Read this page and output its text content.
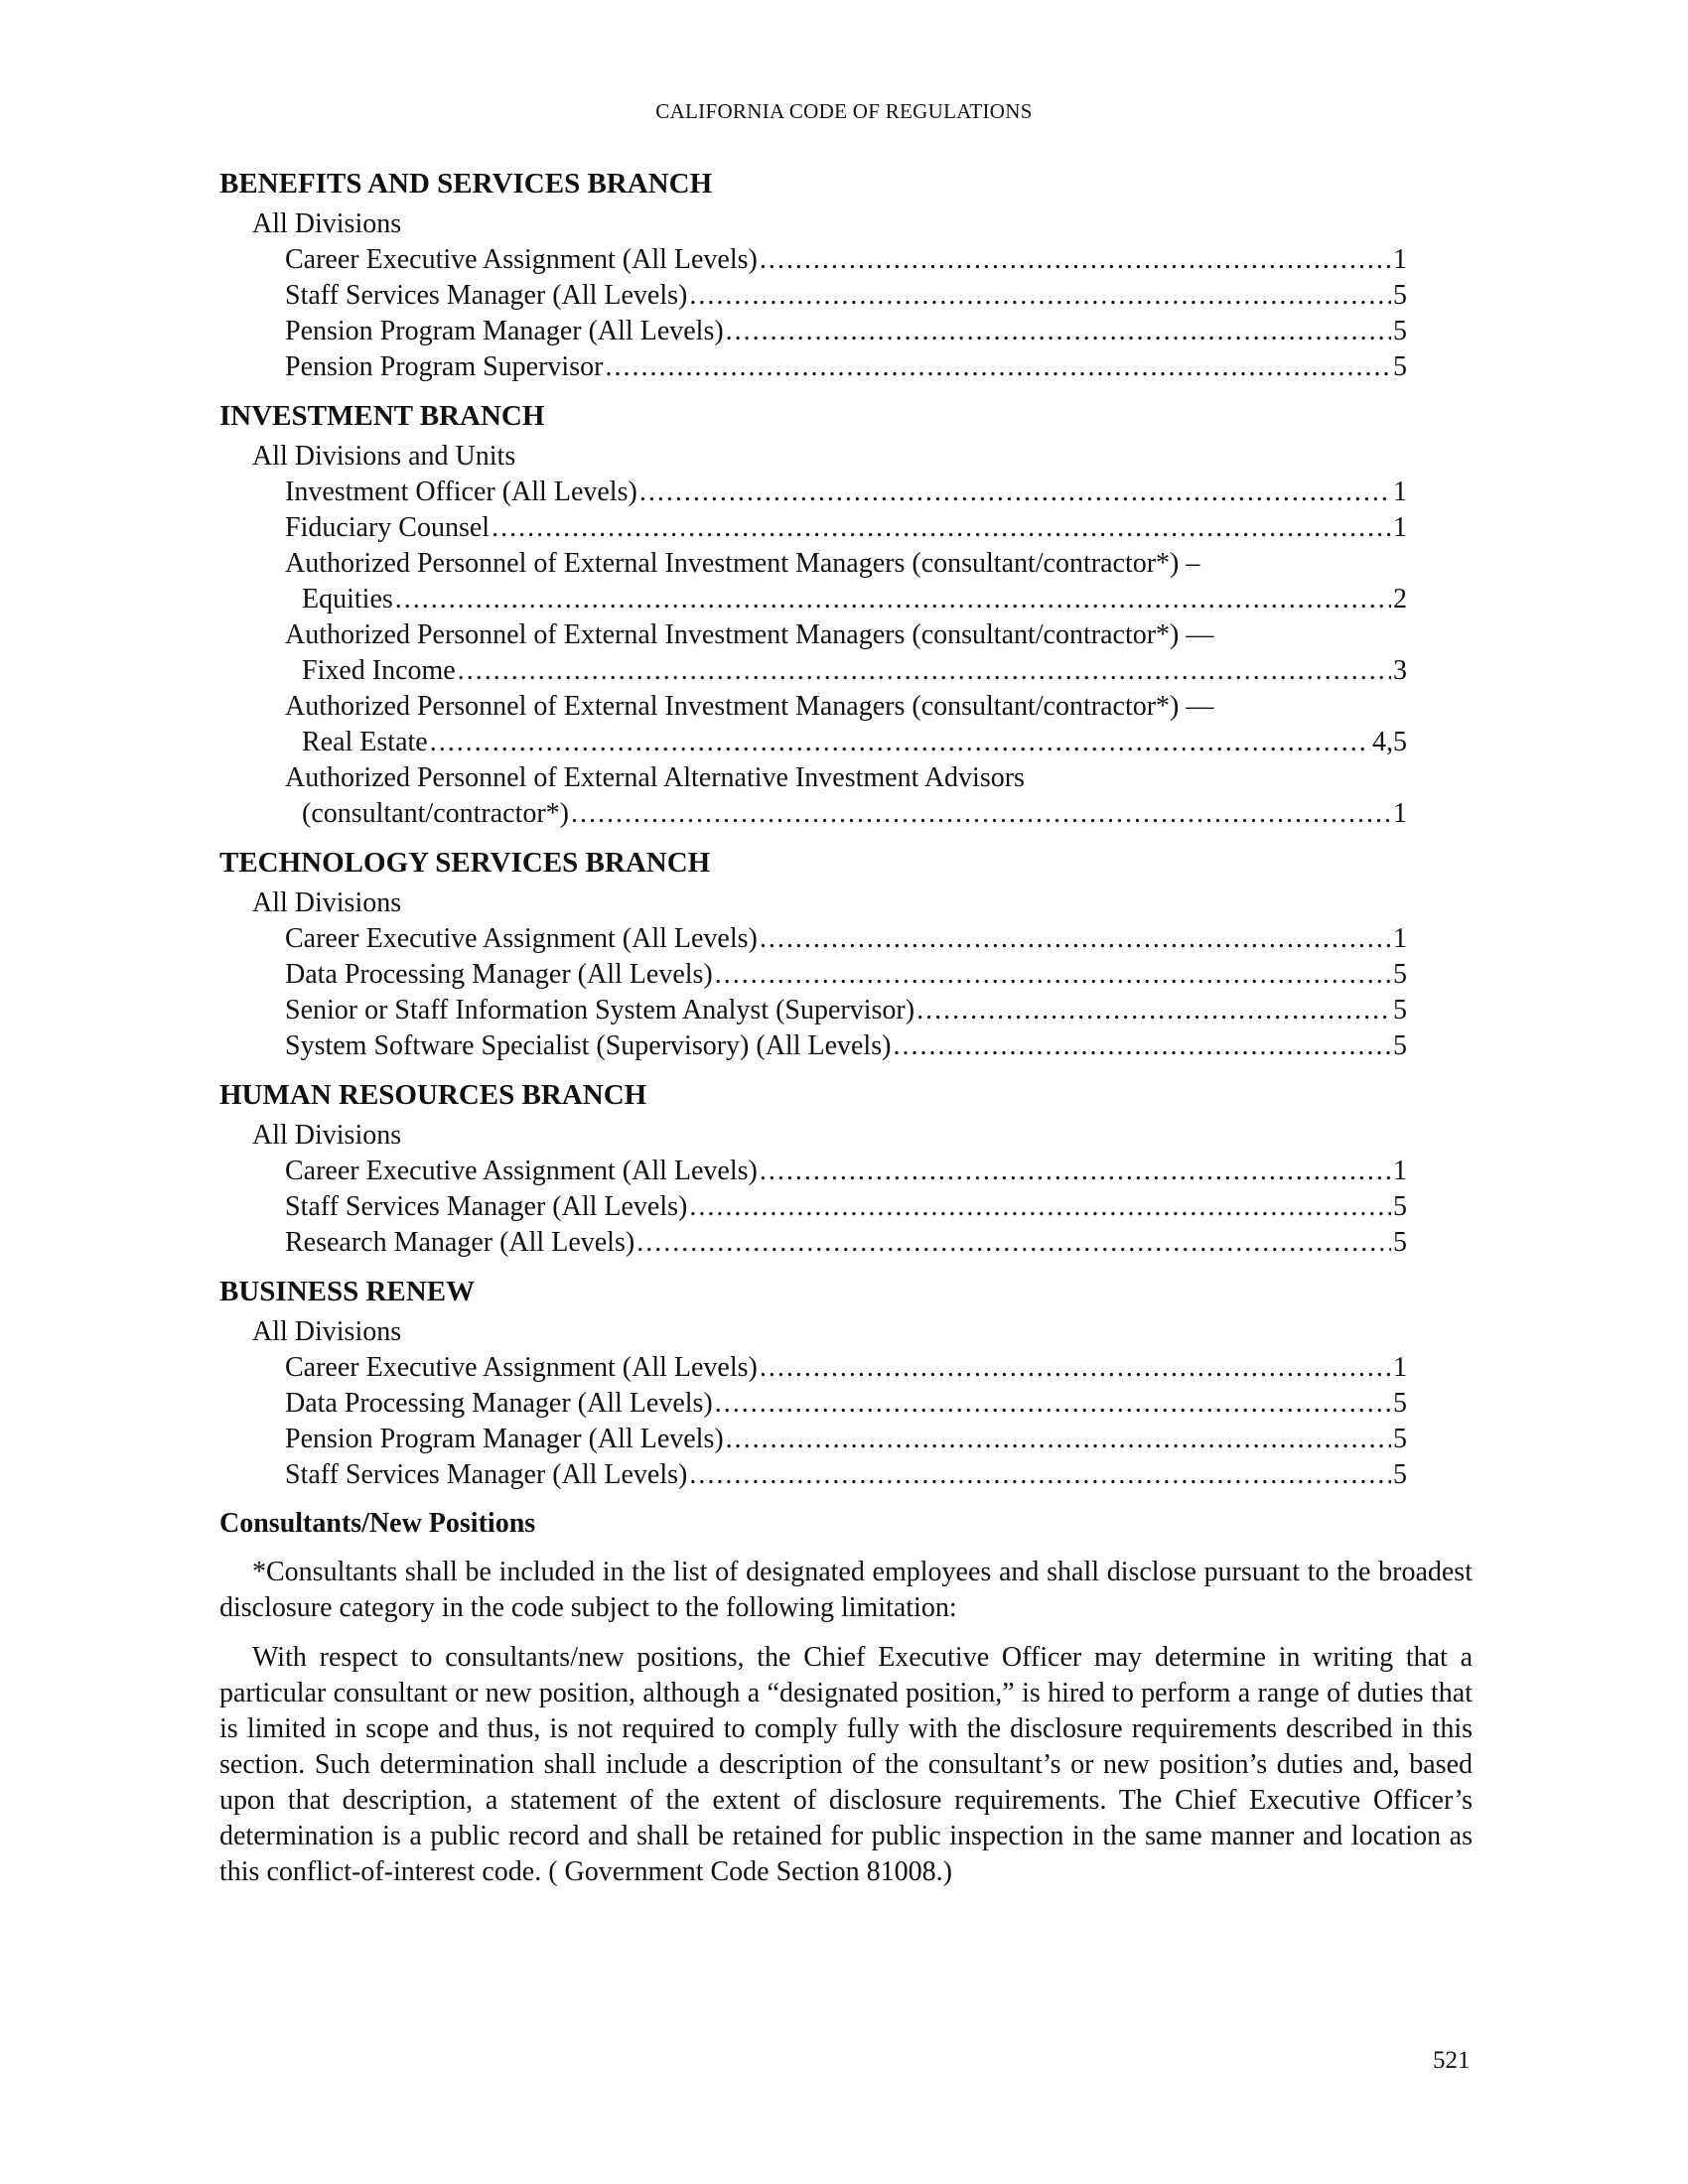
CALIFORNIA CODE OF REGULATIONS
BENEFITS AND SERVICES BRANCH
All Divisions
Career Executive Assignment (All Levels) .....	1
Staff Services Manager (All Levels) .....	5
Pension Program Manager (All Levels) .....	5
Pension Program Supervisor .....	5
INVESTMENT BRANCH
All Divisions and Units
Investment Officer (All Levels) .....	1
Fiduciary Counsel .....	1
Authorized Personnel of External Investment Managers (consultant/contractor*) –
Equities .....	2
Authorized Personnel of External Investment Managers (consultant/contractor*) —
Fixed Income .....	3
Authorized Personnel of External Investment Managers (consultant/contractor*) —
Real Estate .....	4,5
Authorized Personnel of External Alternative Investment Advisors
(consultant/contractor*) .....	1
TECHNOLOGY SERVICES BRANCH
All Divisions
Career Executive Assignment (All Levels) .....	1
Data Processing Manager (All Levels) .....	5
Senior or Staff Information System Analyst (Supervisor) .....	5
System Software Specialist (Supervisory) (All Levels) .....	5
HUMAN RESOURCES BRANCH
All Divisions
Career Executive Assignment (All Levels) .....	1
Staff Services Manager (All Levels) .....	5
Research Manager (All Levels) .....	5
BUSINESS RENEW
All Divisions
Career Executive Assignment (All Levels) .....	1
Data Processing Manager (All Levels) .....	5
Pension Program Manager (All Levels) .....	5
Staff Services Manager (All Levels) .....	5
Consultants/New Positions

*Consultants shall be included in the list of designated employees and shall disclose pursuant to the broadest disclosure category in the code subject to the following limitation:

With respect to consultants/new positions, the Chief Executive Officer may determine in writing that a particular consultant or new position, although a “designated position,” is hired to perform a range of duties that is limited in scope and thus, is not required to comply fully with the disclosure requirements described in this section. Such determination shall include a description of the consultant’s or new position’s duties and, based upon that description, a statement of the extent of disclosure requirements. The Chief Executive Officer’s determination is a public record and shall be retained for public inspection in the same manner and location as this conflict-of-interest code. ( Government Code Section 81008.)

521
